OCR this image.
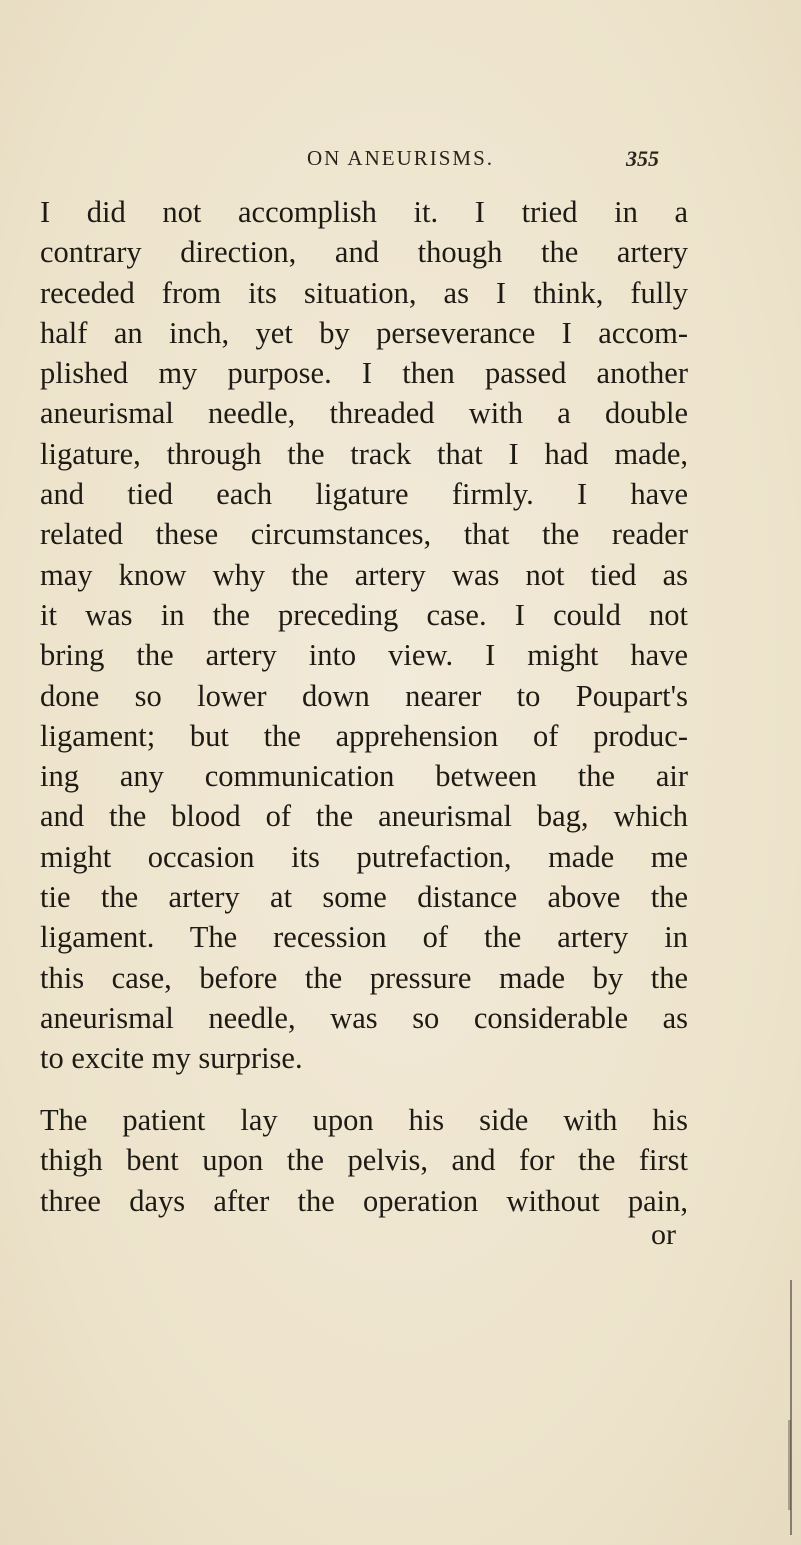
ON ANEURISMS.	355

I did not accomplish it. I tried in a
contrary direction, and though the artery
receded from its situation, as I think, fully
half an inch, yet by perseverance I accom-
plished my purpose. I then passed another
aneurismal needle, threaded with a double
ligature, through the track that I had made,
and tied each ligature firmly. I have
related these circumstances, that the reader
may know why the artery was not tied as
it was in the preceding case. I could not
bring the artery into view. I might have
done so lower down nearer to Poupart's
ligament; but the apprehension of produc-
ing any communication between the air
and the blood of the aneurismal bag, which
might occasion its putrefaction, made me
tie the artery at some distance above the
ligament. The recession of the artery in
this case, before the pressure made by the
aneurismal needle, was so considerable as
to excite my surprise.

The patient lay upon his side with his
thigh bent upon the pelvis, and for the first
three days after the operation without pain,

or
